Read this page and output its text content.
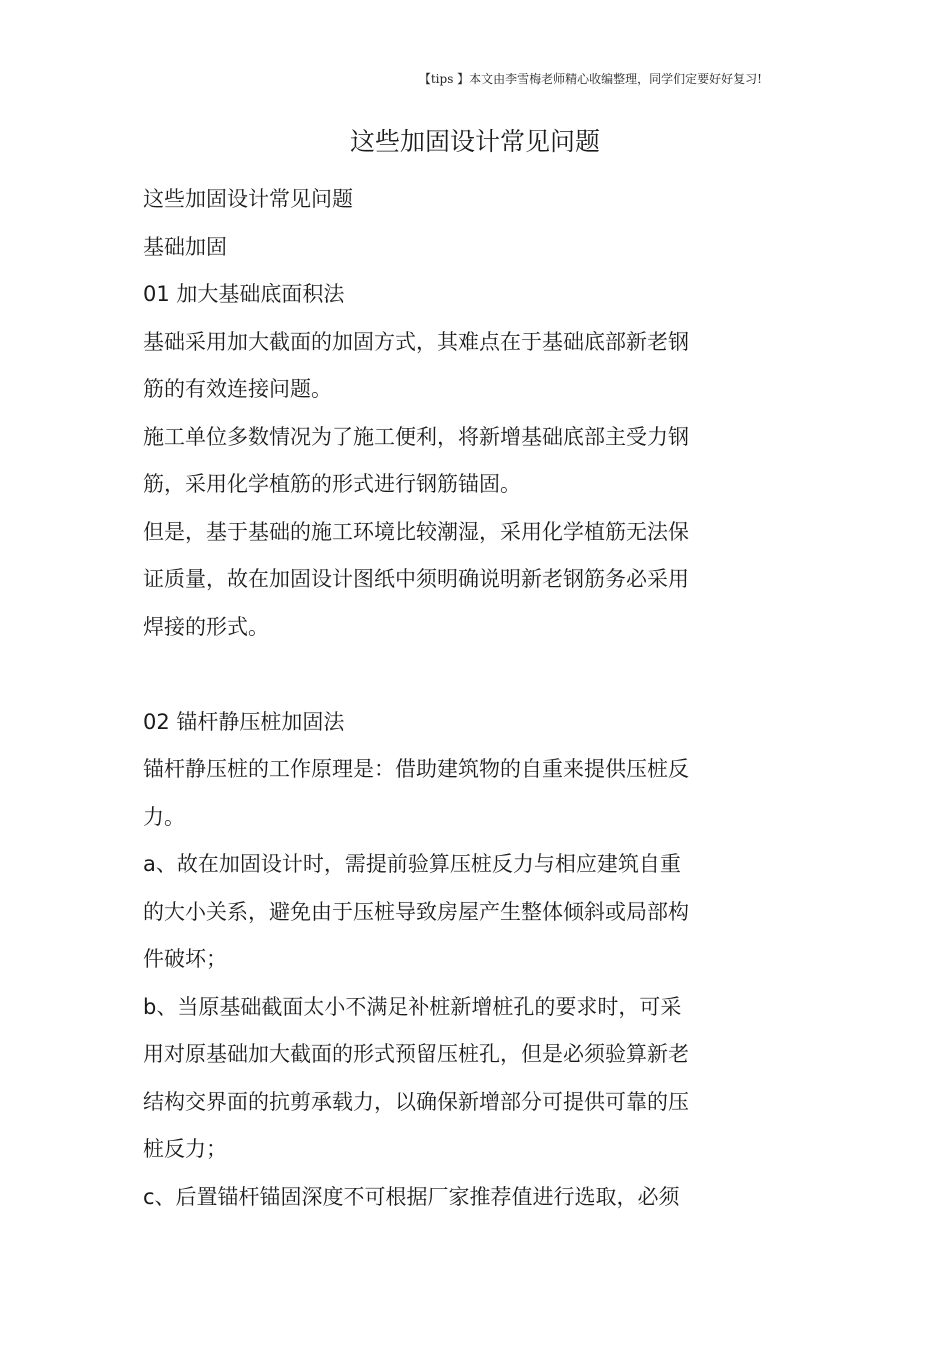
【tips 】本文由李雪梅老师精心收编整理，同学们定要好好复习!
这些加固设计常见问题

这些加固设计常见问题

基础加固

01 加大基础底面积法

基础采用加大截面的加固方式，其难点在于基础底部新老钢

筋的有效连接问题。

施工单位多数情况为了施工便利，将新增基础底部主受力钢

筋，采用化学植筋的形式进行钢筋锚固。

但是，基于基础的施工环境比较潮湿，采用化学植筋无法保

证质量，故在加固设计图纸中须明确说明新老钢筋务必采用

焊接的形式。

02 锚杆静压桩加固法

锚杆静压桩的工作原理是：借助建筑物的自重来提供压桩反

力。

a、故在加固设计时，需提前验算压桩反力与相应建筑自重

的大小关系，避免由于压桩导致房屋产生整体倾斜或局部构

件破坏；

b、当原基础截面太小不满足补桩新增桩孔的要求时，可采

用对原基础加大截面的形式预留压桩孔，但是必须验算新老

结构交界面的抗剪承载力，以确保新增部分可提供可靠的压

桩反力；

c、后置锚杆锚固深度不可根据厂家推荐值进行选取，必须
